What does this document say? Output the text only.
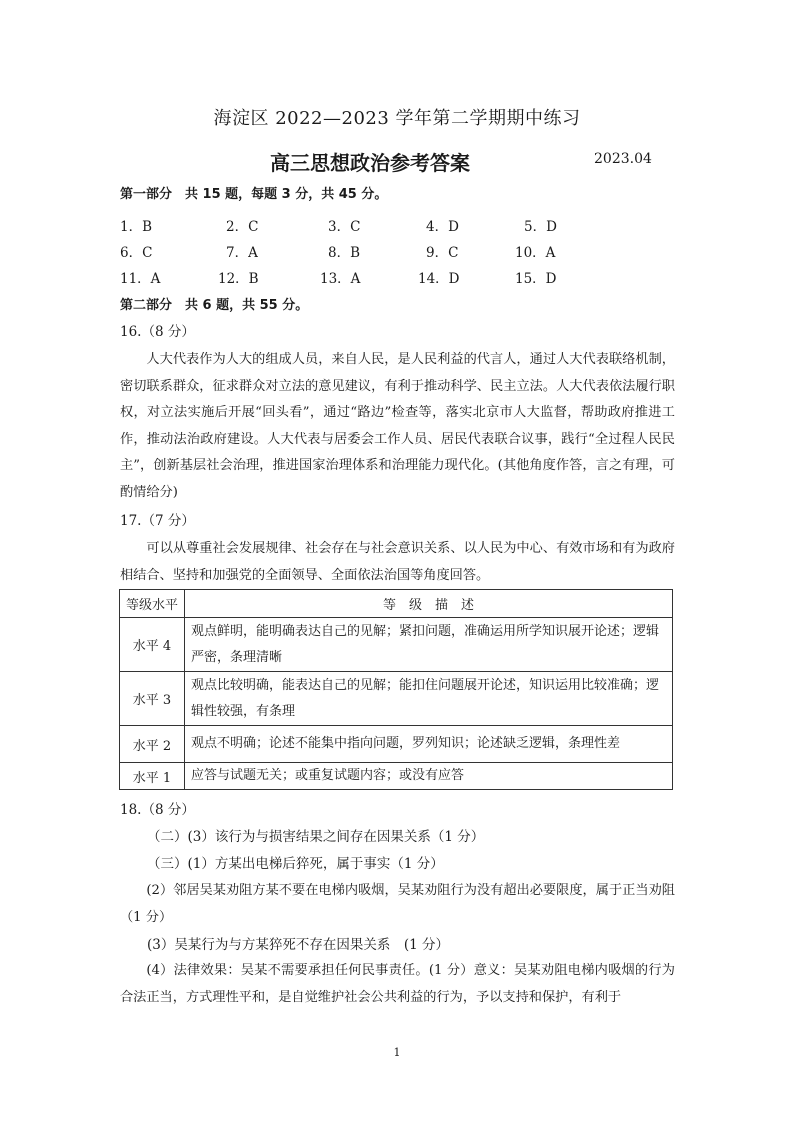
海淀区 2022—2023 学年第二学期期中练习
高三思想政治参考答案	2023.04
第一部分　共 15 题，每题 3 分，共 45 分。
1．B	2．C	3．C	4．D	5．D
6．C	7．A	8．B	9．C	10．A
11．A	12．B	13．A	14．D	15．D
第二部分　共 6 题，共 55 分。
16.（8 分）
人大代表作为人大的组成人员，来自人民，是人民利益的代言人，通过人大代表联络机制，密切联系群众，征求群众对立法的意见建议，有利于推动科学、民主立法。人大代表依法履行职权，对立法实施后开展“回头看”，通过“路边”检查等，落实北京市人大监督，帮助政府推进工作，推动法治政府建设。人大代表与居委会工作人员、居民代表联合议事，践行“全过程人民民主”，创新基层社会治理，推进国家治理体系和治理能力现代化。(其他角度作答，言之有理，可酌情给分)
17.（7 分）
可以从尊重社会发展规律、社会存在与社会意识关系、以人民为中心、有效市场和有为政府相结合、坚持和加强党的全面领导、全面依法治国等角度回答。
等级水平	等　级　描　述
水平 4	观点鲜明，能明确表达自己的见解；紧扣问题，准确运用所学知识展开论述；逻辑严密，条理清晰
水平 3	观点比较明确，能表达自己的见解；能扣住问题展开论述，知识运用比较准确；逻辑性较强，有条理
水平 2	观点不明确；论述不能集中指向问题，罗列知识；论述缺乏逻辑，条理性差
水平 1	应答与试题无关；或重复试题内容；或没有应答
18.（8 分）
（二）(3）该行为与损害结果之间存在因果关系（1 分）
（三）(1）方某出电梯后猝死，属于事实（1 分）
(2）邻居吴某劝阻方某不要在电梯内吸烟，吴某劝阻行为没有超出必要限度，属于正当劝阻（1 分）
(3）吴某行为与方某猝死不存在因果关系　(1 分）
(4）法律效果：吴某不需要承担任何民事责任。(1 分）意义：吴某劝阻电梯内吸烟的行为合法正当，方式理性平和，是自觉维护社会公共利益的行为，予以支持和保护，有利于
1
